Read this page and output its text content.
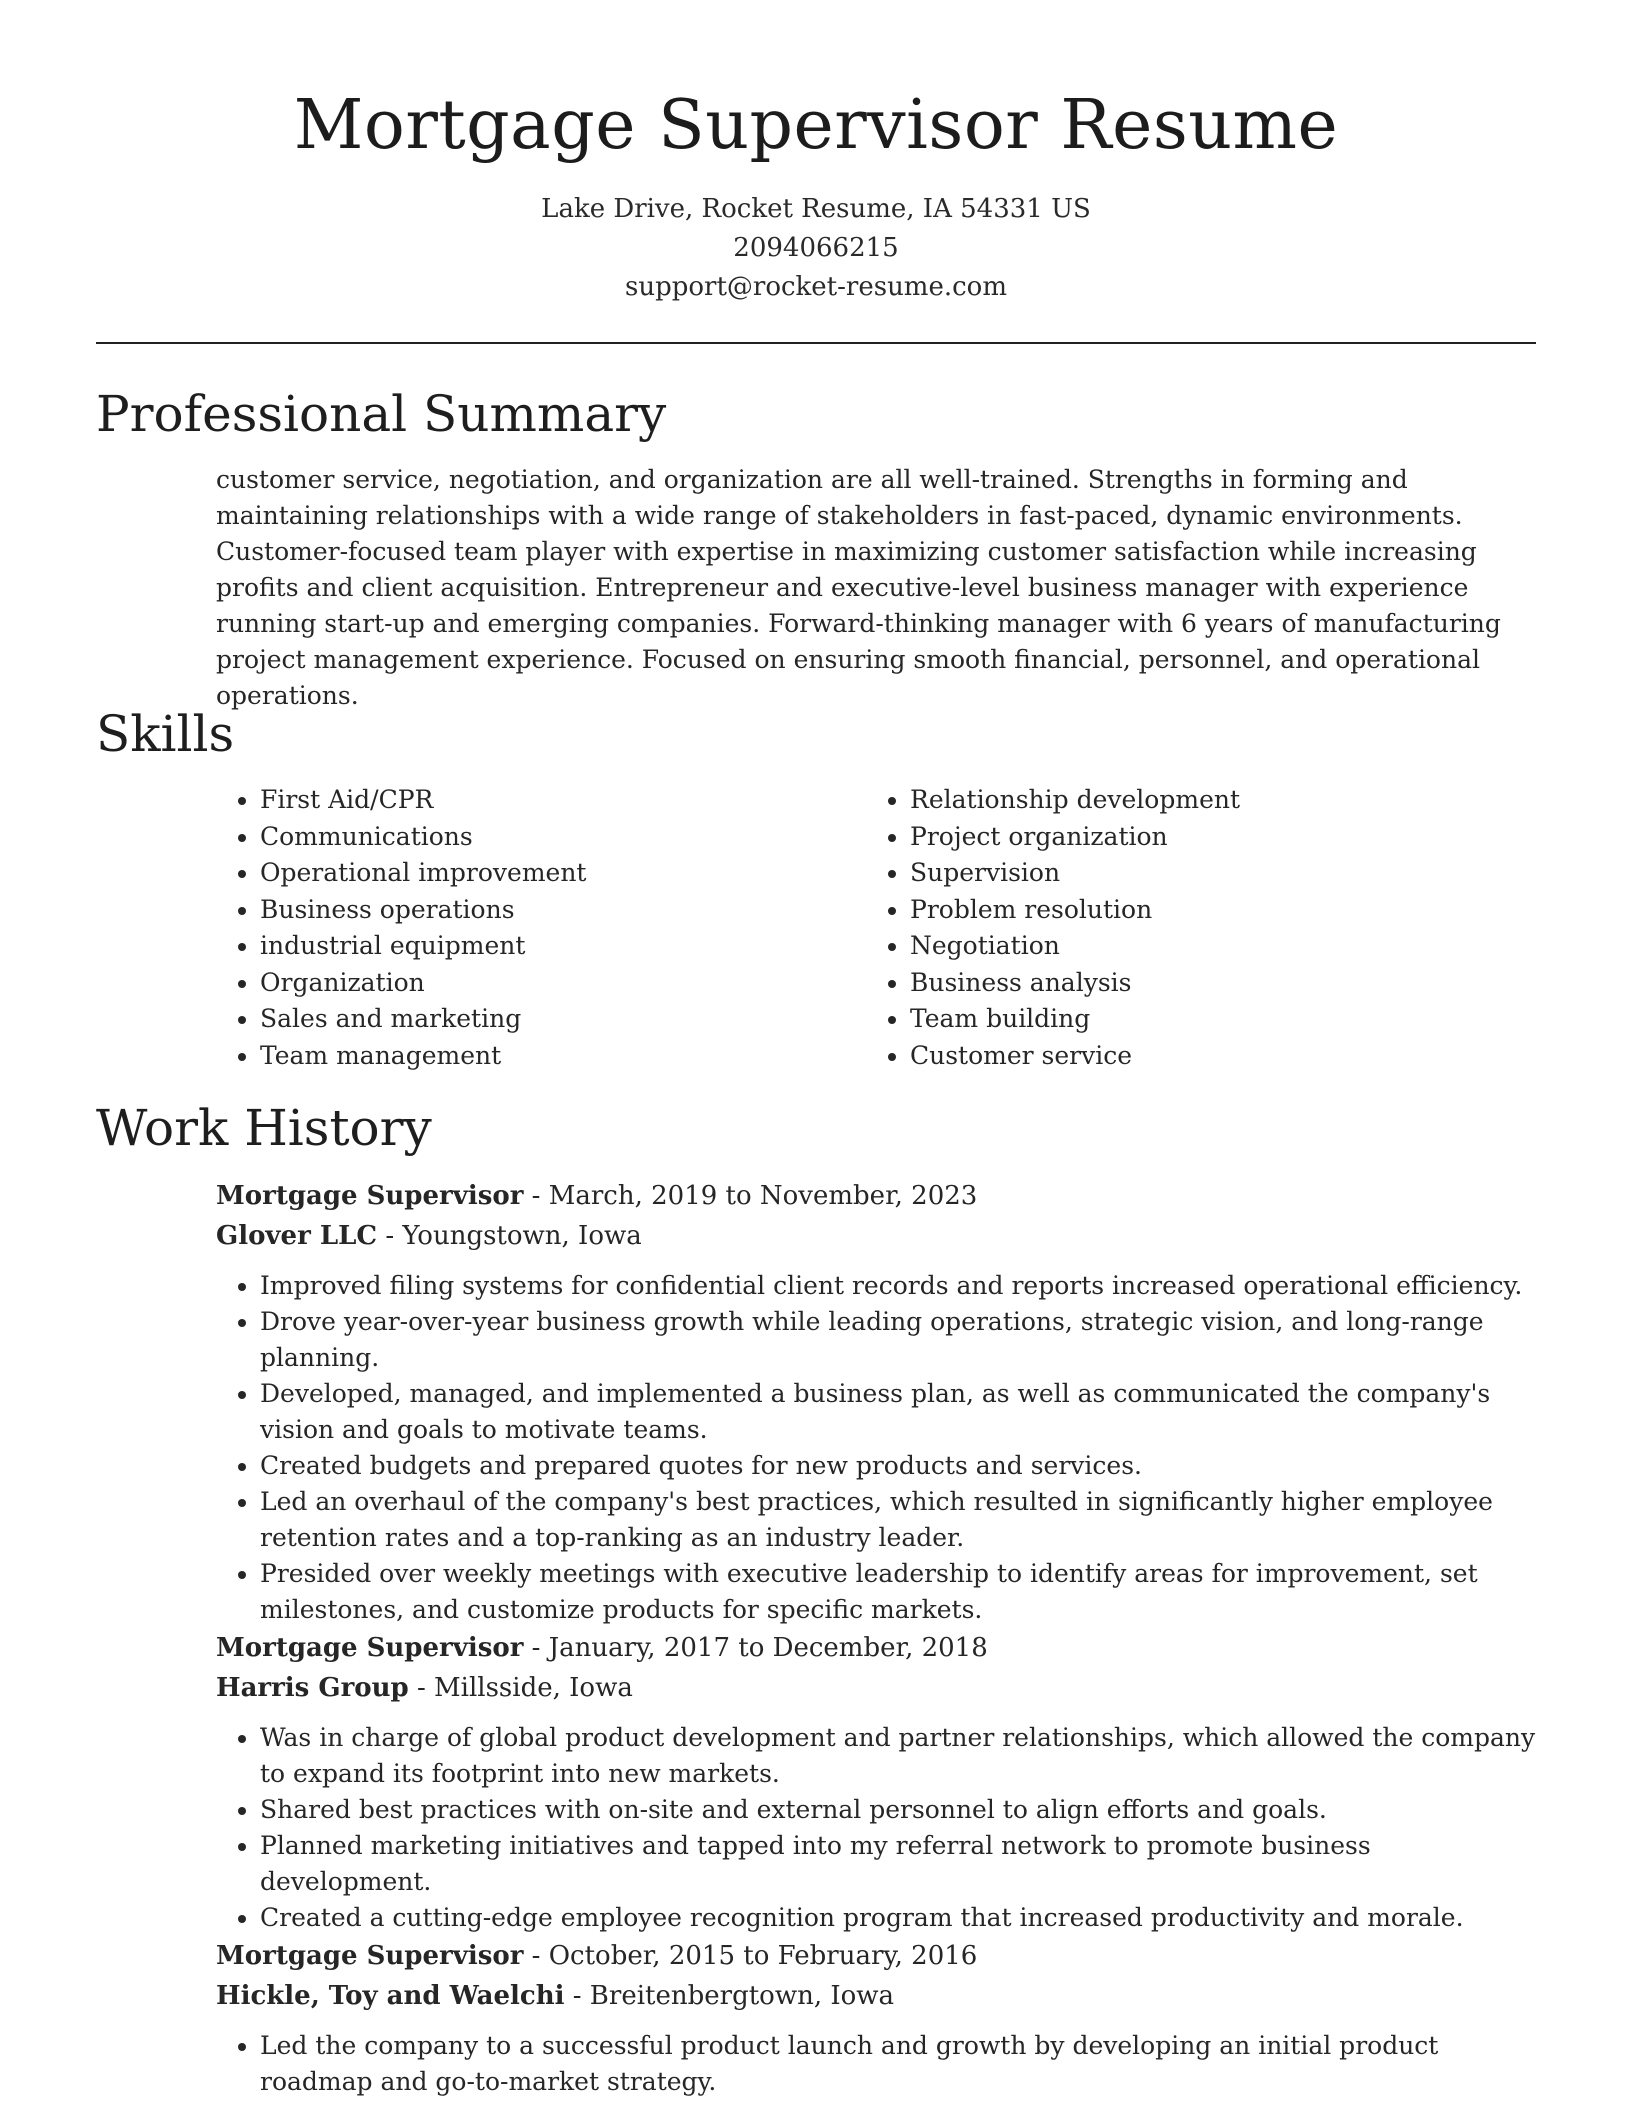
Mortgage Supervisor Resume
Lake Drive, Rocket Resume, IA 54331 US
2094066215
support@rocket-resume.com
Professional Summary

customer service, negotiation, and organization are all well-trained. Strengths in forming and maintaining relationships with a wide range of stakeholders in fast-paced, dynamic environments. Customer-focused team player with expertise in maximizing customer satisfaction while increasing profits and client acquisition. Entrepreneur and executive-level business manager with experience running start-up and emerging companies. Forward-thinking manager with 6 years of manufacturing project management experience. Focused on ensuring smooth financial, personnel, and operational operations.

Skills
• First Aid/CPR
• Communications
• Operational improvement
• Business operations
• industrial equipment
• Organization
• Sales and marketing
• Team management
• Relationship development
• Project organization
• Supervision
• Problem resolution
• Negotiation
• Business analysis
• Team building
• Customer service
Work History
Mortgage Supervisor - March, 2019 to November, 2023
Glover LLC - Youngstown, Iowa
• Improved filing systems for confidential client records and reports increased operational efficiency.
• Drove year-over-year business growth while leading operations, strategic vision, and long-range planning.
• Developed, managed, and implemented a business plan, as well as communicated the company's vision and goals to motivate teams.
• Created budgets and prepared quotes for new products and services.
• Led an overhaul of the company's best practices, which resulted in significantly higher employee retention rates and a top-ranking as an industry leader.
• Presided over weekly meetings with executive leadership to identify areas for improvement, set milestones, and customize products for specific markets.
Mortgage Supervisor - January, 2017 to December, 2018
Harris Group - Millsside, Iowa
• Was in charge of global product development and partner relationships, which allowed the company to expand its footprint into new markets.
• Shared best practices with on-site and external personnel to align efforts and goals.
• Planned marketing initiatives and tapped into my referral network to promote business development.
• Created a cutting-edge employee recognition program that increased productivity and morale.
Mortgage Supervisor - October, 2015 to February, 2016
Hickle, Toy and Waelchi - Breitenbergtown, Iowa
• Led the company to a successful product launch and growth by developing an initial product roadmap and go-to-market strategy.
